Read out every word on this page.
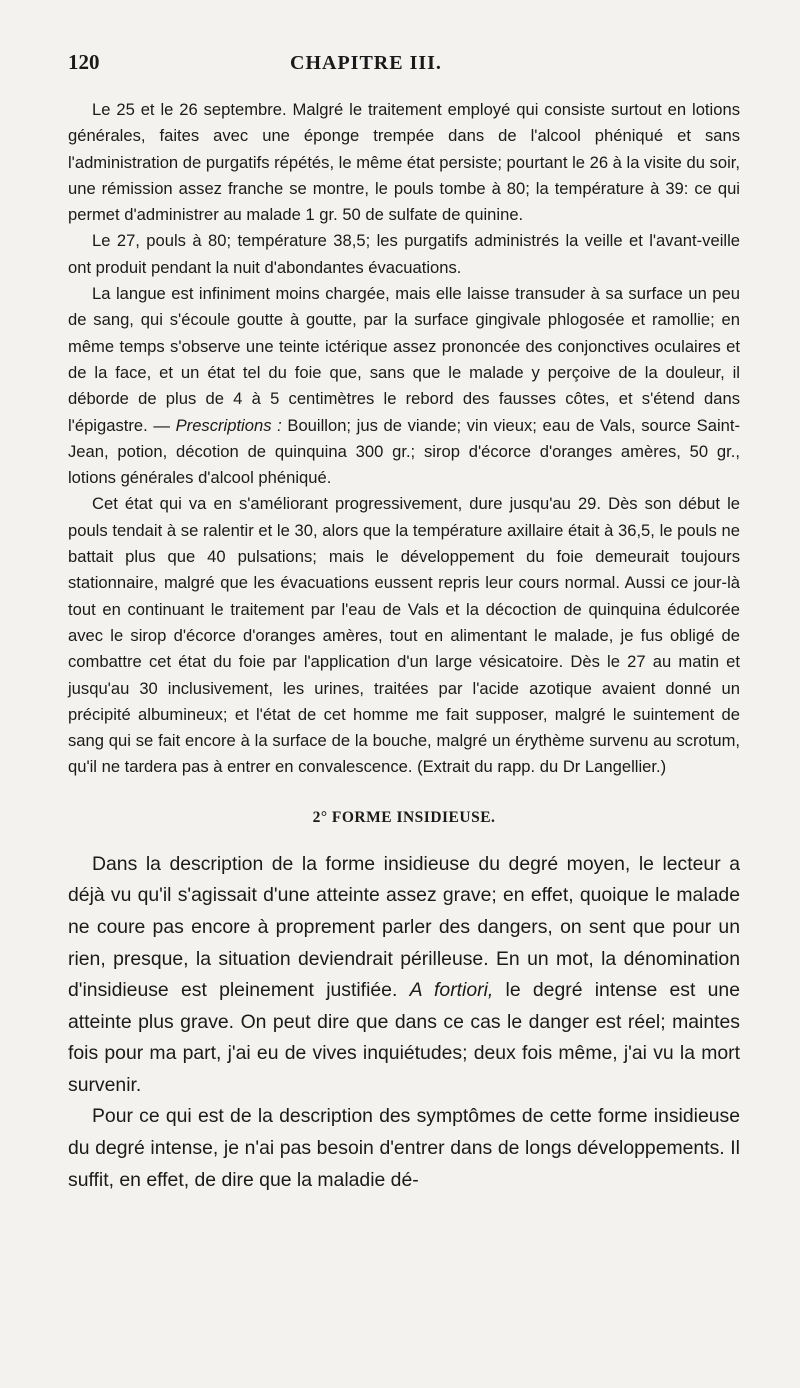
120	CHAPITRE III.

Le 25 et le 26 septembre. Malgré le traitement employé qui consiste surtout en lotions générales, faites avec une éponge trempée dans de l'alcool phéniqué et sans l'administration de purgatifs répétés, le même état persiste; pourtant le 26 à la visite du soir, une rémission assez franche se montre, le pouls tombe à 80; la température à 39: ce qui permet d'administrer au malade 1 gr. 50 de sulfate de quinine.

Le 27, pouls à 80; température 38,5; les purgatifs administrés la veille et l'avant-veille ont produit pendant la nuit d'abondantes évacuations.

La langue est infiniment moins chargée, mais elle laisse transuder à sa surface un peu de sang, qui s'écoule goutte à goutte, par la surface gingivale phlogosée et ramollie; en même temps s'observe une teinte ictérique assez prononcée des conjonctives oculaires et de la face, et un état tel du foie que, sans que le malade y perçoive de la douleur, il déborde de plus de 4 à 5 centimètres le rebord des fausses côtes, et s'étend dans l'épigastre. — Prescriptions : Bouillon; jus de viande; vin vieux; eau de Vals, source Saint-Jean, potion, décotion de quinquina 300 gr.; sirop d'écorce d'oranges amères, 50 gr., lotions générales d'alcool phéniqué.

Cet état qui va en s'améliorant progressivement, dure jusqu'au 29. Dès son début le pouls tendait à se ralentir et le 30, alors que la température axillaire était à 36,5, le pouls ne battait plus que 40 pulsations; mais le développement du foie demeurait toujours stationnaire, malgré que les évacuations eussent repris leur cours normal. Aussi ce jour-là tout en continuant le traitement par l'eau de Vals et la décoction de quinquina édulcorée avec le sirop d'écorce d'oranges amères, tout en alimentant le malade, je fus obligé de combattre cet état du foie par l'application d'un large vésicatoire. Dès le 27 au matin et jusqu'au 30 inclusivement, les urines, traitées par l'acide azotique avaient donné un précipité albumineux; et l'état de cet homme me fait supposer, malgré le suintement de sang qui se fait encore à la surface de la bouche, malgré un érythème survenu au scrotum, qu'il ne tardera pas à entrer en convalescence. (Extrait du rapp. du Dr Langellier.)

2° FORME INSIDIEUSE.

Dans la description de la forme insidieuse du degré moyen, le lecteur a déjà vu qu'il s'agissait d'une atteinte assez grave; en effet, quoique le malade ne coure pas encore à proprement parler des dangers, on sent que pour un rien, presque, la situation deviendrait périlleuse. En un mot, la dénomination d'insidieuse est pleinement justifiée. A fortiori, le degré intense est une atteinte plus grave. On peut dire que dans ce cas le danger est réel; maintes fois pour ma part, j'ai eu de vives inquiétudes; deux fois même, j'ai vu la mort survenir.

Pour ce qui est de la description des symptômes de cette forme insidieuse du degré intense, je n'ai pas besoin d'entrer dans de longs développements. Il suffit, en effet, de dire que la maladie dé-
